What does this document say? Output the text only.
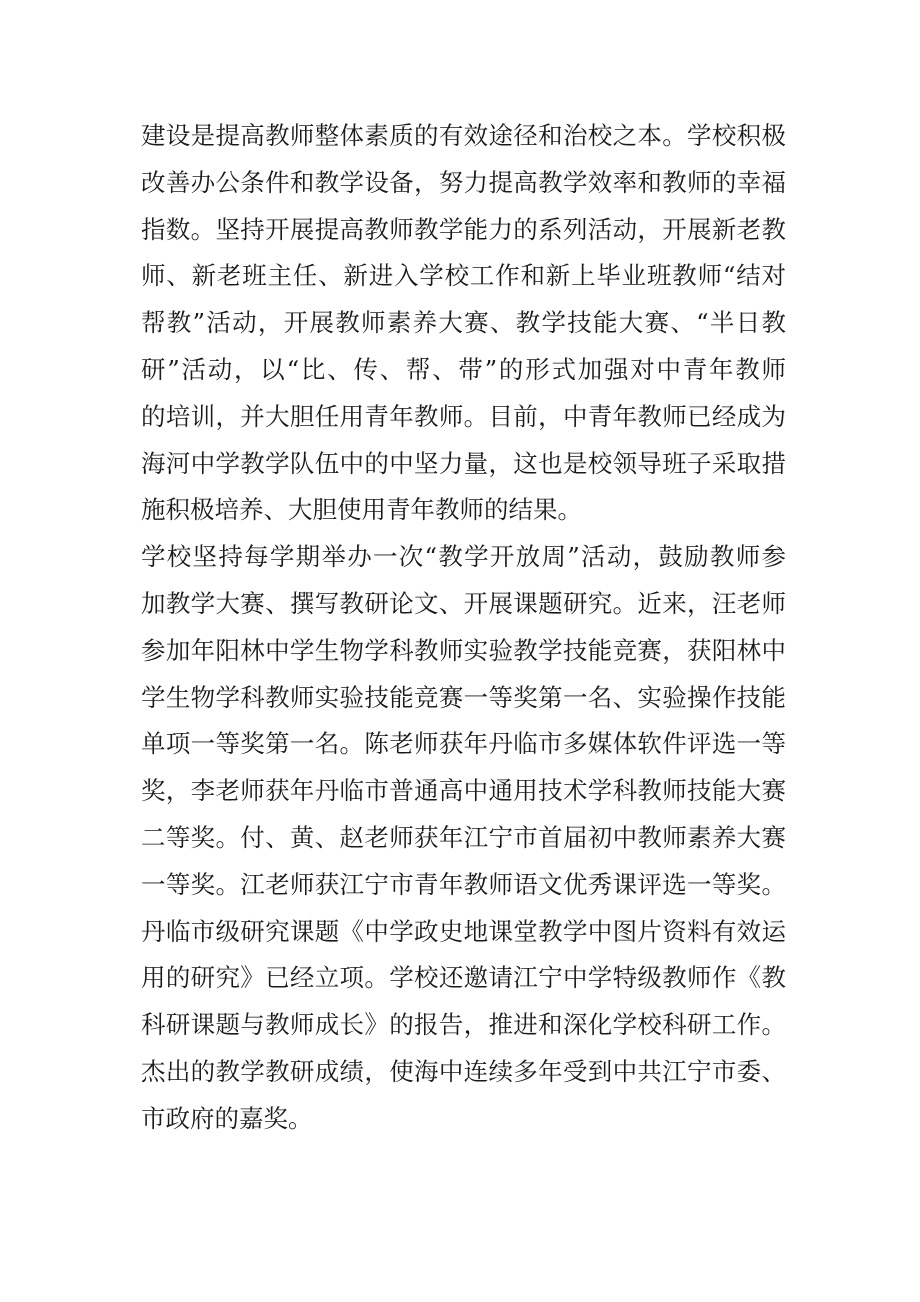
建设是提高教师整体素质的有效途径和治校之本。学校积极
改善办公条件和教学设备，努力提高教学效率和教师的幸福
指数。坚持开展提高教师教学能力的系列活动，开展新老教
师、新老班主任、新进入学校工作和新上毕业班教师“结对
帮教”活动，开展教师素养大赛、教学技能大赛、“半日教
研”活动，以“比、传、帮、带”的形式加强对中青年教师
的培训，并大胆任用青年教师。目前，中青年教师已经成为
海河中学教学队伍中的中坚力量，这也是校领导班子采取措
施积极培养、大胆使用青年教师的结果。
学校坚持每学期举办一次“教学开放周”活动，鼓励教师参
加教学大赛、撰写教研论文、开展课题研究。近来，汪老师
参加年阳林中学生物学科教师实验教学技能竞赛，获阳林中
学生物学科教师实验技能竞赛一等奖第一名、实验操作技能
单项一等奖第一名。陈老师获年丹临市多媒体软件评选一等
奖，李老师获年丹临市普通高中通用技术学科教师技能大赛
二等奖。付、黄、赵老师获年江宁市首届初中教师素养大赛
一等奖。江老师获江宁市青年教师语文优秀课评选一等奖。
丹临市级研究课题《中学政史地课堂教学中图片资料有效运
用的研究》已经立项。学校还邀请江宁中学特级教师作《教
科研课题与教师成长》的报告，推进和深化学校科研工作。
杰出的教学教研成绩，使海中连续多年受到中共江宁市委、
市政府的嘉奖。
